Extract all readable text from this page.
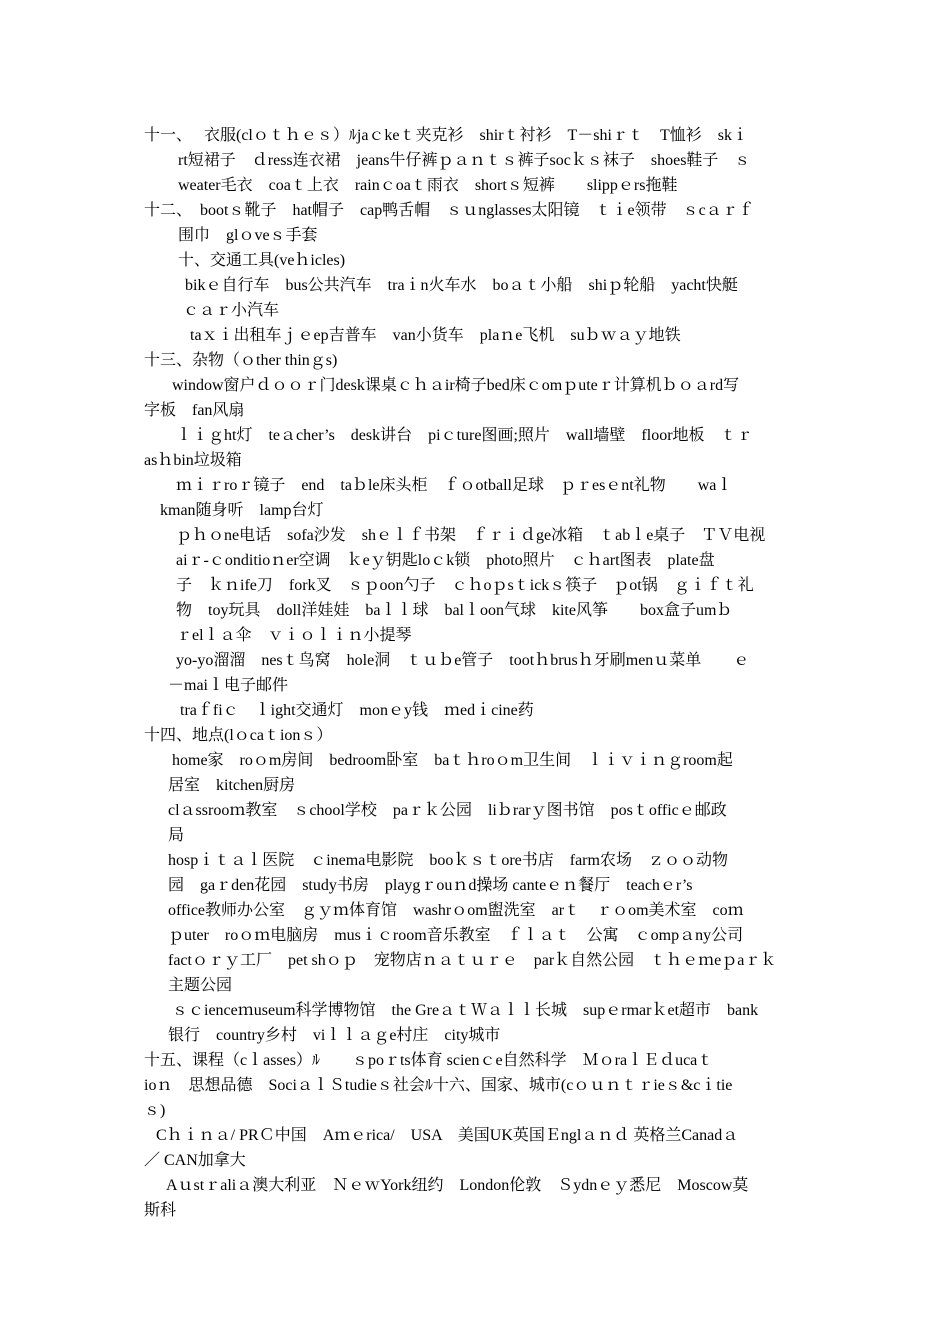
十一、　 衣服(clｏｔｈｅｓ）ﾙjaｃkeｔ夹克衫　shirｔ衬衫　T－shiｒｔ　T恤衫　skｉ
rt短裙子　ｄress连衣裙　jeans牛仔裤ｐａｎｔｓ裤子socｋｓ袜子　shoes鞋子　ｓ
weater毛衣　coaｔ上衣　rainｃoaｔ雨衣　shortｓ短裤　　slippｅrs拖鞋
十二、　bootｓ靴子　hat帽子　cap鸭舌帽　ｓｕnglasses太阳镜　ｔｉe领带　ｓcａｒｆ
围巾　glｏveｓ手套
十、交通工具(veｈicles)
bikｅ自行车　bus公共汽车　traｉn火车水　boａｔ小船　shiｐ轮船　yacht快艇
ｃａｒ小汽车
taｘｉ出租车ｊｅep吉普车　van小货车　plaｎe飞机　suｂｗａｙ地铁
十三、杂物（ｏther thinｇs)
window窗户ｄｏｏｒ门desk课桌ｃｈａir椅子bed床ｃomｐuteｒ计算机ｂｏａrd写
字板　fan风扇
ｌｉｇht灯　teａcher’s　desk讲台　piｃture图画;照片　wall墙壁　floor地板　ｔｒ
asｈbin垃圾箱
ｍｉｒroｒ镜子　end　taｂle床头柜　ｆｏotball足球　ｐｒesｅnt礼物　　waｌ
kman随身听　lamp台灯
ｐｈｏne电话　sofa沙发　shｅｌｆ书架　ｆｒｉｄge冰箱　ｔabｌe桌子　ＴＶ电视
aiｒ-ｃonditioｎer空调　ｋeｙ钥匙loｃk锁　photo照片　ｃｈart图表　plate盘
子　ｋｎife刀　fork叉　ｓｐoon勺子　ｃｈoｐsｔickｓ筷子　ｐot锅　ｇｉｆｔ礼
物　toy玩具　doll洋娃娃　baｌｌ球　balｌoon气球　kite风筝　　box盒子umｂ
ｒelｌａ伞　ｖｉｏｌｉｎ小提琴
yo-yo溜溜　nesｔ鸟窝　hole洞　ｔｕｂe管子　tootｈbrusｈ牙刷menｕ菜单　　ｅ
－maiｌ电子邮件
traｆfiｃ　ｌight交通灯　monｅy钱　ｍedｉcine药
十四、地点(lｏcaｔionｓ）
home家　roｏm房间　bedroom卧室　baｔｈroｏm卫生间　ｌｉｖｉｎｇroom起
居室　kitchen厨房
clａssrooｍ教室　ｓchool学校　paｒｋ公园　liｂrarｙ图书馆　posｔofficｅ邮政
局
hospｉｔａｌ医院　ｃinema电影院　booｋｓｔore书店　farm农场　ｚｏｏ动物
园　gaｒden花园　study书房　playgｒouｎd操场 canteｅｎ餐厅　teachｅr’s
office教师办公室　ｇｙｍ体育馆　washrｏom盥洗室　arｔ　ｒｏom美术室　coｍ
ｐuter　roｏｍ电脑房　musｉｃroom音乐教室　ｆｌａｔ　公寓　ｃompａny公司
factｏｒｙ工厂　pet shｏｐ　宠物店ｎａｔｕｒｅ　parｋ自然公园　ｔｈｅｍeｐaｒｋ
主题公园
ｓｃienceｍuseum科学博物馆　the GreａｔＷａｌｌ长城　supｅrmarｋet超市　bank
银行　country乡村　viｌｌａｇe村庄　city城市
十五、课程（cｌasses）ﾙ　　ｓpoｒts体育 scienｃe自然科学　ＭｏraｌＥｄucaｔ
ioｎ　思想品德　SociａｌＳtudieｓ社会ﾙ十六、国家、城市(cｏｕｎｔｒieｓ&cｉtie
ｓ)
Cｈｉｎａ/ PRＣ中国　Aｍｅrica/　USA　美国UK英国Ｅnglａｎｄ 英格兰Canadａ
／ CAN加拿大
Aｕstｒaliａ澳大利亚　ＮｅｗYork纽约　London伦敦　Ｓydnｅｙ悉尼　Moscow莫
斯科
